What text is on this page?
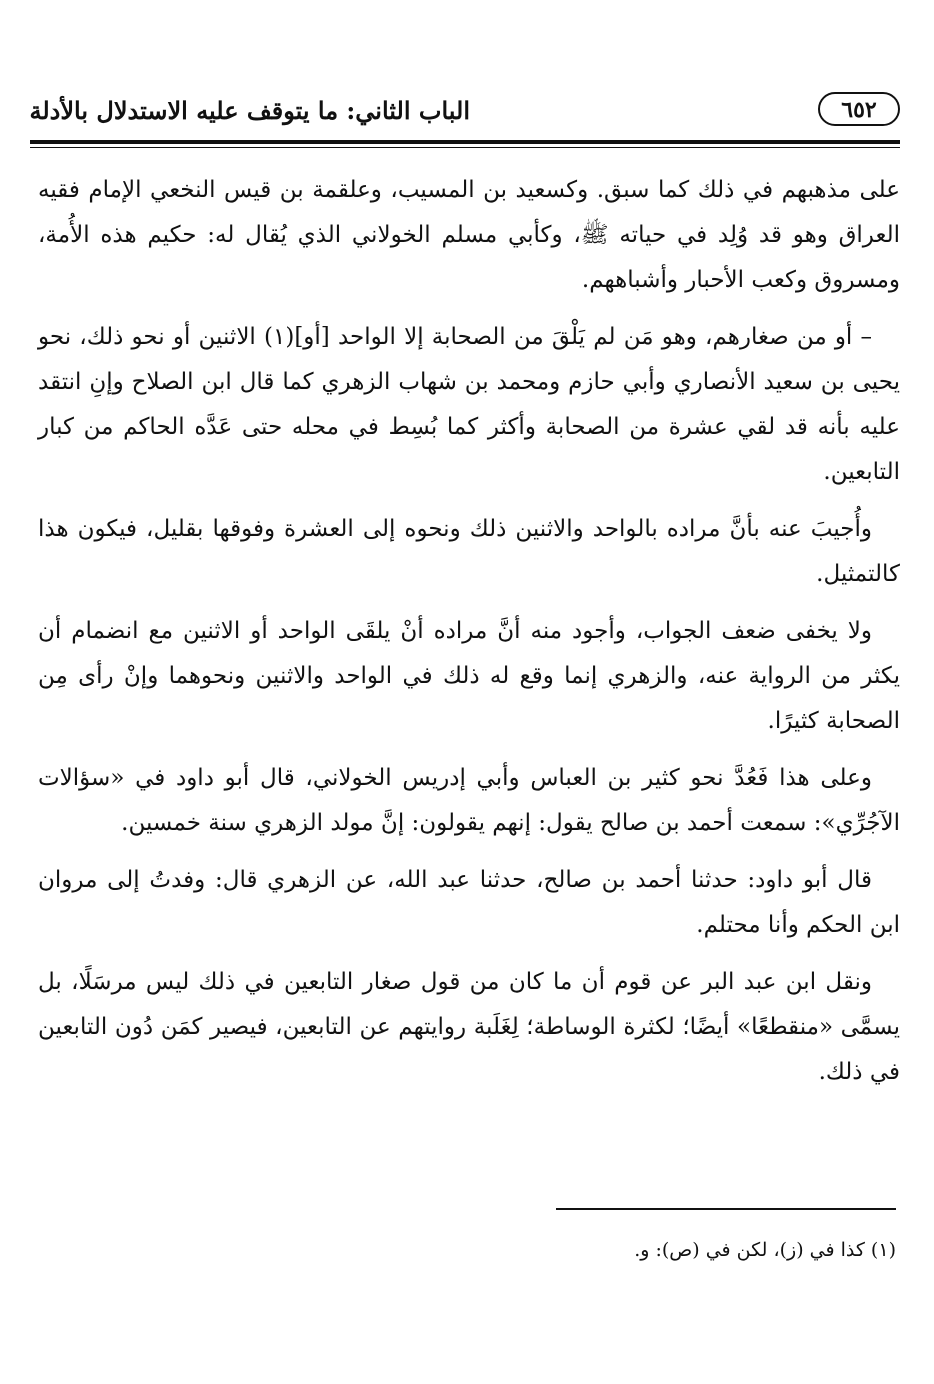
٦٥٢
الباب الثاني: ما يتوقف عليه الاستدلال بالأدلة

على مذهبهم في ذلك كما سبق. وكسعيد بن المسيب، وعلقمة بن قيس النخعي الإمام فقيه العراق وهو قد وُلِد في حياته ﷺ، وكأبي مسلم الخولاني الذي يُقال له: حكيم هذه الأُمة، ومسروق وكعب الأحبار وأشباههم.

– أو من صغارهم، وهو مَن لم يَلْقَ من الصحابة إلا الواحد [أو](١) الاثنين أو نحو ذلك، نحو يحيى بن سعيد الأنصاري وأبي حازم ومحمد بن شهاب الزهري كما قال ابن الصلاح وإنِ انتقد عليه بأنه قد لقي عشرة من الصحابة وأكثر كما بُسِط في محله حتى عَدَّه الحاكم من كبار التابعين.

وأُجيبَ عنه بأنَّ مراده بالواحد والاثنين ذلك ونحوه إلى العشرة وفوقها بقليل، فيكون هذا كالتمثيل.

ولا يخفى ضعف الجواب، وأجود منه أنَّ مراده أنْ يلقَى الواحد أو الاثنين مع انضمام أن يكثر من الرواية عنه، والزهري إنما وقع له ذلك في الواحد والاثنين ونحوهما وإنْ رأى مِن الصحابة كثيرًا.

وعلى هذا فَعُدَّ نحو كثير بن العباس وأبي إدريس الخولاني، قال أبو داود في «سؤالات الآجُرِّي»: سمعت أحمد بن صالح يقول: إنهم يقولون: إنَّ مولد الزهري سنة خمسين.

قال أبو داود: حدثنا أحمد بن صالح، حدثنا عبد الله، عن الزهري قال: وفدتُ إلى مروان ابن الحكم وأنا محتلم.

ونقل ابن عبد البر عن قوم أن ما كان من قول صغار التابعين في ذلك ليس مرسَلًا، بل يسمَّى «منقطعًا» أيضًا؛ لكثرة الوساطة؛ لِغَلَبة روايتهم عن التابعين، فيصير كمَن دُون التابعين في ذلك.

(١) كذا في (ز)، لكن في (ص): و.
